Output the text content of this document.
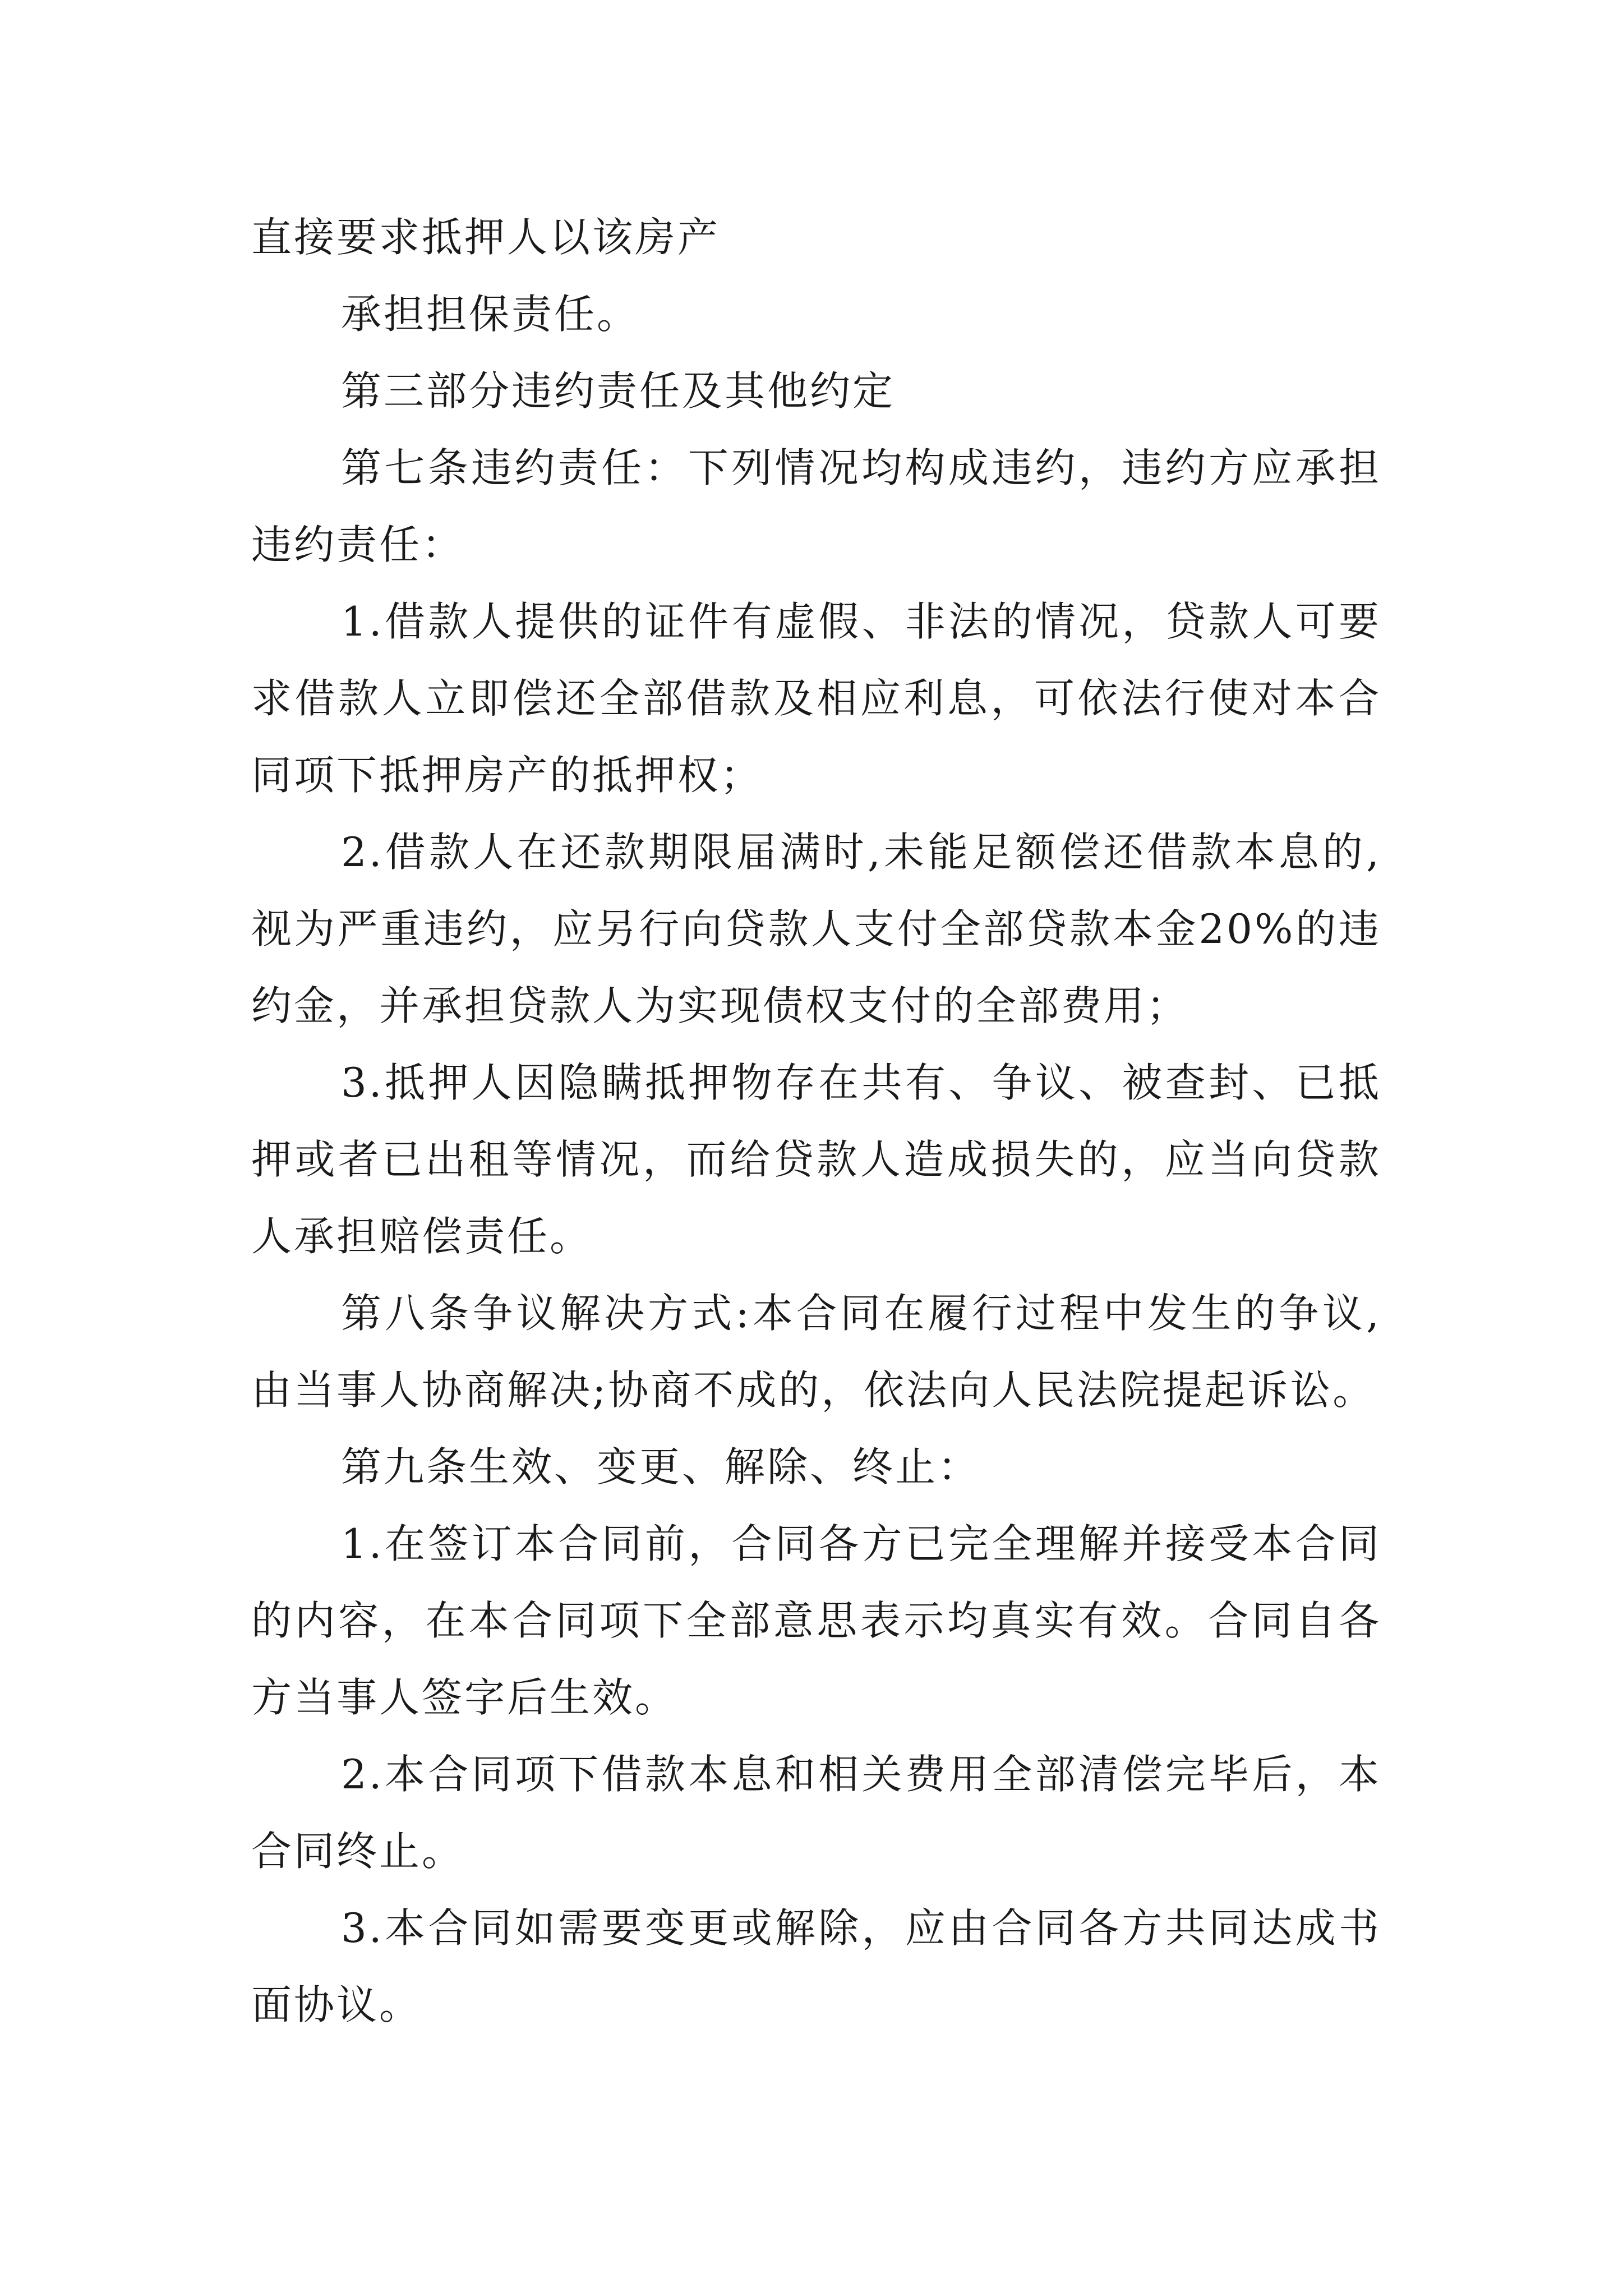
直接要求抵押人以该房产

承担担保责任。

第三部分违约责任及其他约定

第七条违约责任：下列情况均构成违约，违约方应承担违约责任：

1.借款人提供的证件有虚假、非法的情况，贷款人可要求借款人立即偿还全部借款及相应利息，可依法行使对本合同项下抵押房产的抵押权；

2.借款人在还款期限届满时,未能足额偿还借款本息的,视为严重违约，应另行向贷款人支付全部贷款本金20%的违约金，并承担贷款人为实现债权支付的全部费用；

3.抵押人因隐瞒抵押物存在共有、争议、被查封、已抵押或者已出租等情况，而给贷款人造成损失的，应当向贷款人承担赔偿责任。

第八条争议解决方式:本合同在履行过程中发生的争议,由当事人协商解决;协商不成的，依法向人民法院提起诉讼。

第九条生效、变更、解除、终止：

1.在签订本合同前，合同各方已完全理解并接受本合同的内容，在本合同项下全部意思表示均真实有效。合同自各方当事人签字后生效。

2.本合同项下借款本息和相关费用全部清偿完毕后，本合同终止。

3.本合同如需要变更或解除，应由合同各方共同达成书面协议。
